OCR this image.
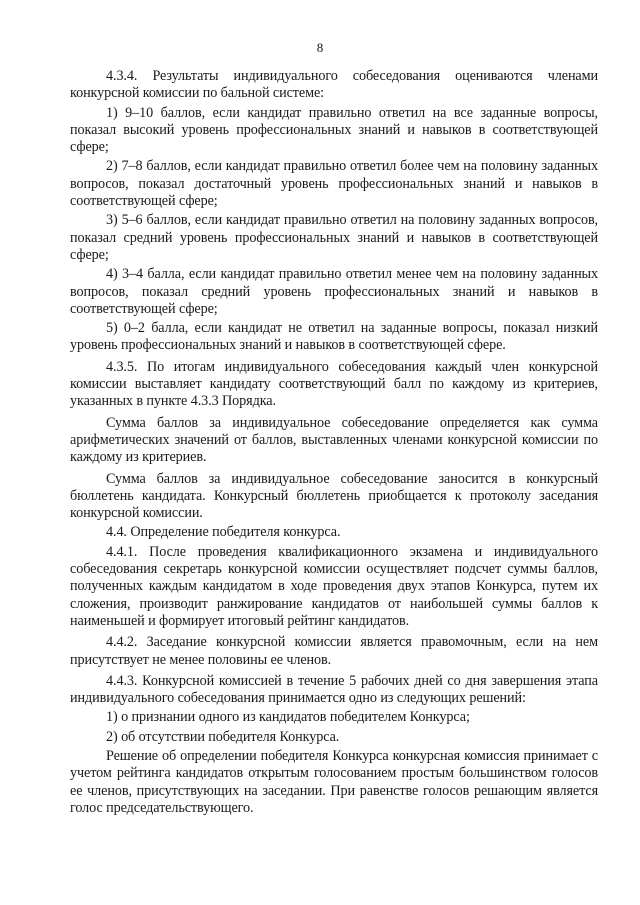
8

4.3.4. Результаты индивидуального собеседования оцениваются членами конкурсной комиссии по бальной системе:

1) 9–10 баллов, если кандидат правильно ответил на все заданные вопросы, показал высокий уровень профессиональных знаний и навыков в соответствующей сфере;

2) 7–8 баллов, если кандидат правильно ответил более чем на половину заданных вопросов, показал достаточный уровень профессиональных знаний и навыков в соответствующей сфере;

3) 5–6 баллов, если кандидат правильно ответил на половину заданных вопросов, показал средний уровень профессиональных знаний и навыков в соответствующей сфере;

4) 3–4 балла, если кандидат правильно ответил менее чем на половину заданных вопросов, показал средний уровень профессиональных знаний и навыков в соответствующей сфере;

5) 0–2 балла, если кандидат не ответил на заданные вопросы, показал низкий уровень профессиональных знаний и навыков в соответствующей сфере.

4.3.5. По итогам индивидуального собеседования каждый член конкурсной комиссии выставляет кандидату соответствующий балл по каждому из критериев, указанных в пункте 4.3.3 Порядка.

Сумма баллов за индивидуальное собеседование определяется как сумма арифметических значений от баллов, выставленных членами конкурсной комиссии по каждому из критериев.

Сумма баллов за индивидуальное собеседование заносится в конкурсный бюллетень кандидата. Конкурсный бюллетень приобщается к протоколу заседания конкурсной комиссии.

4.4. Определение победителя конкурса.

4.4.1. После проведения квалификационного экзамена и индивидуального собеседования секретарь конкурсной комиссии осуществляет подсчет суммы баллов, полученных каждым кандидатом в ходе проведения двух этапов Конкурса, путем их сложения, производит ранжирование кандидатов от наибольшей суммы баллов к наименьшей и формирует итоговый рейтинг кандидатов.

4.4.2. Заседание конкурсной комиссии является правомочным, если на нем присутствует не менее половины ее членов.

4.4.3. Конкурсной комиссией в течение 5 рабочих дней со дня завершения этапа индивидуального собеседования принимается одно из следующих решений:

1) о признании одного из кандидатов победителем Конкурса;

2) об отсутствии победителя Конкурса.

Решение об определении победителя Конкурса конкурсная комиссия принимает с учетом рейтинга кандидатов открытым голосованием простым большинством голосов ее членов, присутствующих на заседании. При равенстве голосов решающим является голос председательствующего.
